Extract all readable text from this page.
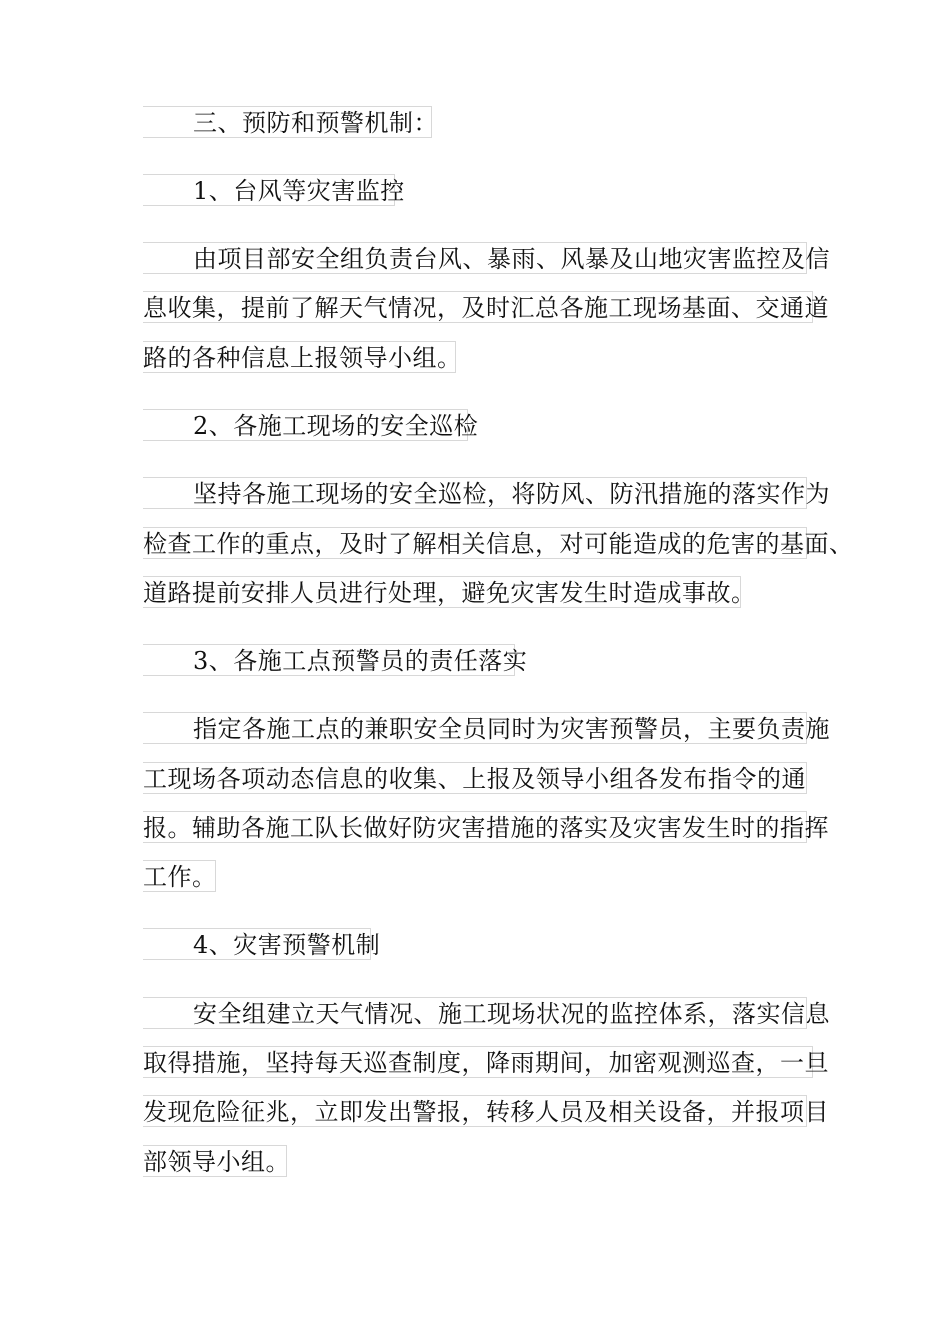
三、预防和预警机制：
1、台风等灾害监控
由项目部安全组负责台风、暴雨、风暴及山地灾害监控及信
息收集，提前了解天气情况，及时汇总各施工现场基面、交通道
路的各种信息上报领导小组。
2、各施工现场的安全巡检
坚持各施工现场的安全巡检，将防风、防汛措施的落实作为
检查工作的重点，及时了解相关信息，对可能造成的危害的基面、
道路提前安排人员进行处理，避免灾害发生时造成事故。
3、各施工点预警员的责任落实
指定各施工点的兼职安全员同时为灾害预警员，主要负责施
工现场各项动态信息的收集、上报及领导小组各发布指令的通
报。辅助各施工队长做好防灾害措施的落实及灾害发生时的指挥
工作。
4、灾害预警机制
安全组建立天气情况、施工现场状况的监控体系，落实信息
取得措施，坚持每天巡查制度，降雨期间，加密观测巡查，一旦
发现危险征兆，立即发出警报，转移人员及相关设备，并报项目
部领导小组。
